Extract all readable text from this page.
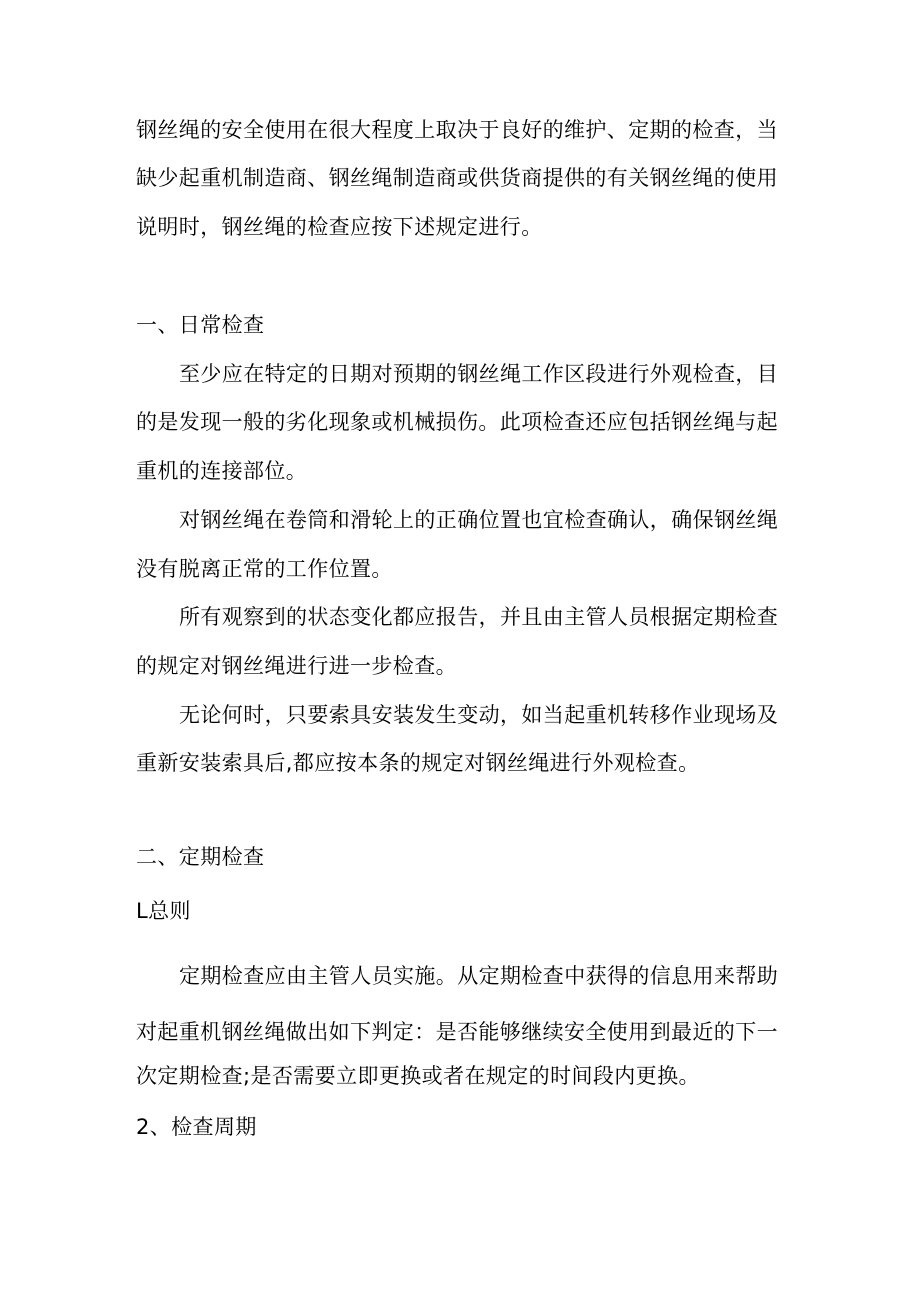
钢丝绳的安全使用在很大程度上取决于良好的维护、定期的检查，当
缺少起重机制造商、钢丝绳制造商或供货商提供的有关钢丝绳的使用
说明时，钢丝绳的检查应按下述规定进行。
一、日常检查
至少应在特定的日期对预期的钢丝绳工作区段进行外观检查，目
的是发现一般的劣化现象或机械损伤。此项检查还应包括钢丝绳与起
重机的连接部位。
对钢丝绳在卷筒和滑轮上的正确位置也宜检查确认，确保钢丝绳
没有脱离正常的工作位置。
所有观察到的状态变化都应报告，并且由主管人员根据定期检查
的规定对钢丝绳进行进一步检查。
无论何时，只要索具安装发生变动，如当起重机转移作业现场及
重新安装索具后,都应按本条的规定对钢丝绳进行外观检查。
二、定期检查
L总则
定期检查应由主管人员实施。从定期检查中获得的信息用来帮助
对起重机钢丝绳做出如下判定：是否能够继续安全使用到最近的下一
次定期检查;是否需要立即更换或者在规定的时间段内更换。
2、检查周期
